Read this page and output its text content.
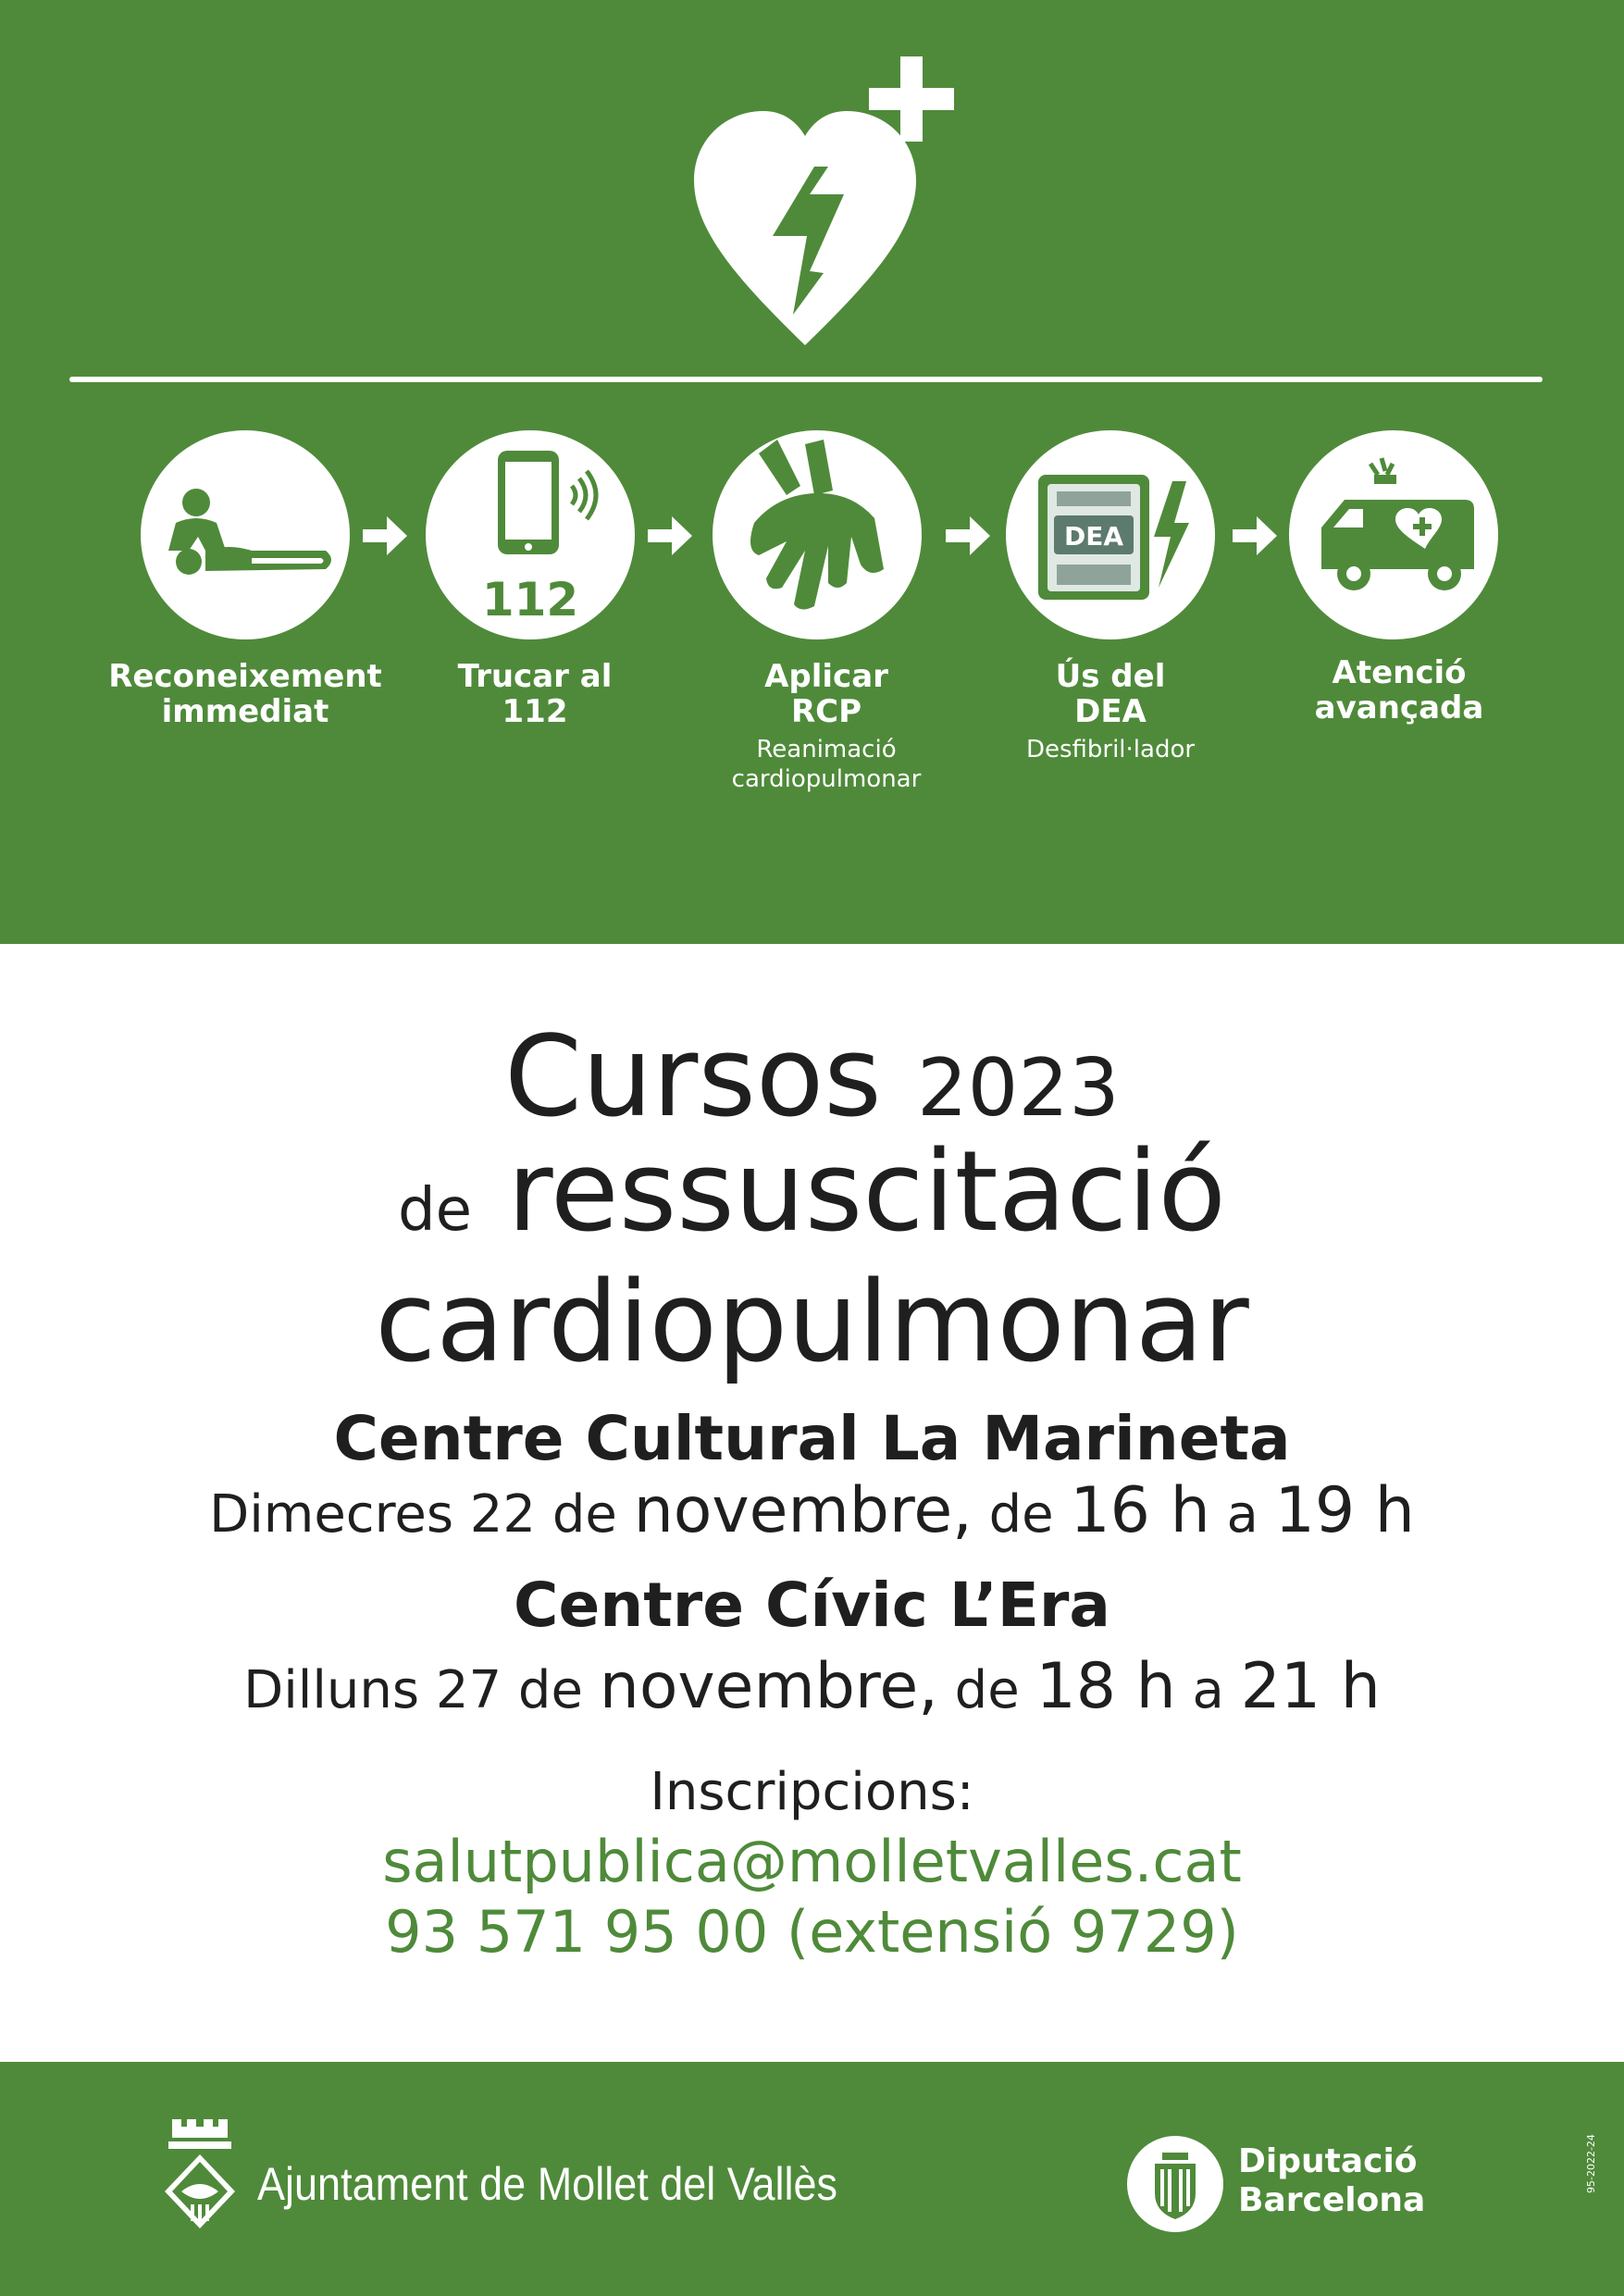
112
DEA
Reconeixement
immediat
Trucar al
112
Aplicar
RCP
Reanimació
cardiopulmonar
Ús del
DEA
Desfibril·lador
Atenció
avançada
Cursos 2023
de ressuscitació
cardiopulmonar
Centre Cultural La Marineta
Dimecres 22 de novembre, de 16 h a 19 h
Centre Cívic L’Era
Dilluns 27 de novembre, de 18 h a 21 h
Inscripcions:
salutpublica@molletvalles.cat
93 571 95 00 (extensió 9729)
Ajuntament de Mollet del Vallès	Diputació
Barcelona
95-2022-24
